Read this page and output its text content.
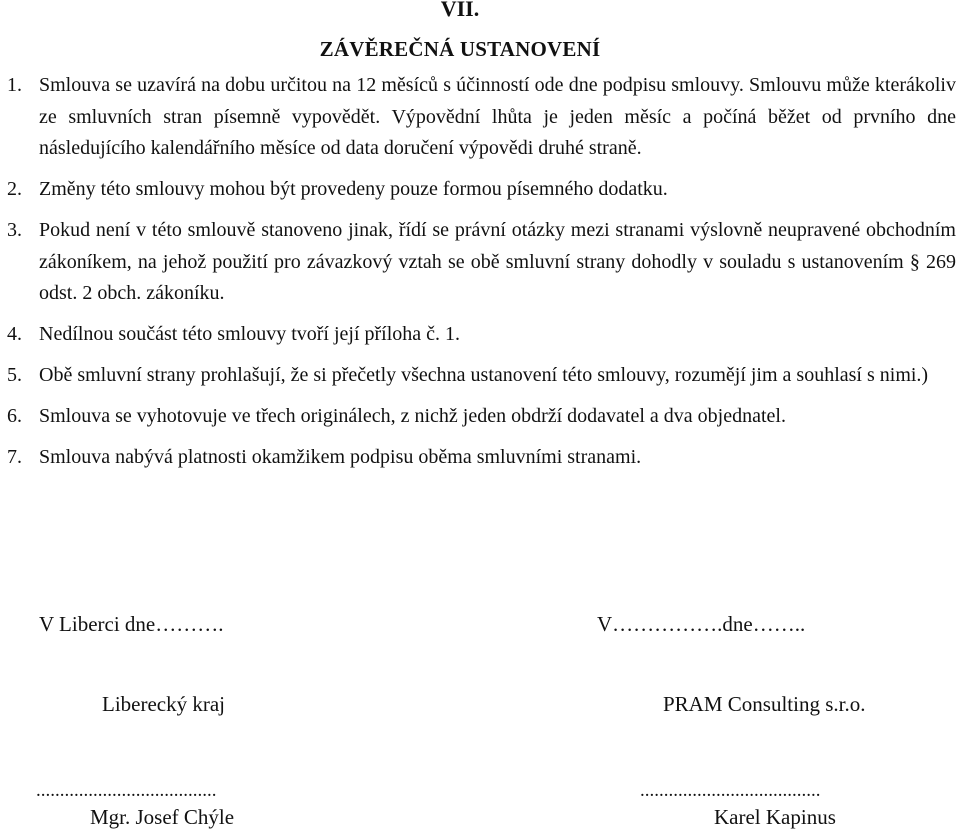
VII.
ZÁVĚREČNÁ USTANOVENÍ
1. Smlouva se uzavírá na dobu určitou na 12 měsíců s účinností ode dne podpisu smlouvy. Smlouvu může kterákoliv ze smluvních stran písemně vypovědět. Výpovědní lhůta je jeden měsíc a počíná běžet od prvního dne následujícího kalendářního měsíce od data doručení výpovědi druhé straně.
2. Změny této smlouvy mohou být provedeny pouze formou písemného dodatku.
3. Pokud není v této smlouvě stanoveno jinak, řídí se právní otázky mezi stranami výslovně neupravené obchodním zákoníkem, na jehož použití pro závazkový vztah se obě smluvní strany dohodly v souladu s ustanovením § 269 odst. 2 obch. zákoníku.
4. Nedílnou součást této smlouvy tvoří její příloha č. 1.
5. Obě smluvní strany prohlašují, že si přečetly všechna ustanovení této smlouvy, rozumějí jim a souhlasí s nimi.)
6. Smlouva se vyhotovuje ve třech originálech, z nichž jeden obdrží dodavatel a dva objednatel.
7. Smlouva nabývá platnosti okamžikem podpisu oběma smluvními stranami.
V Liberci dne……….	V…………….dne……..
Liberecký kraj	PRAM Consulting s.r.o.
......................................	......................................
Mgr. Josef Chýle	Karel Kapinus
